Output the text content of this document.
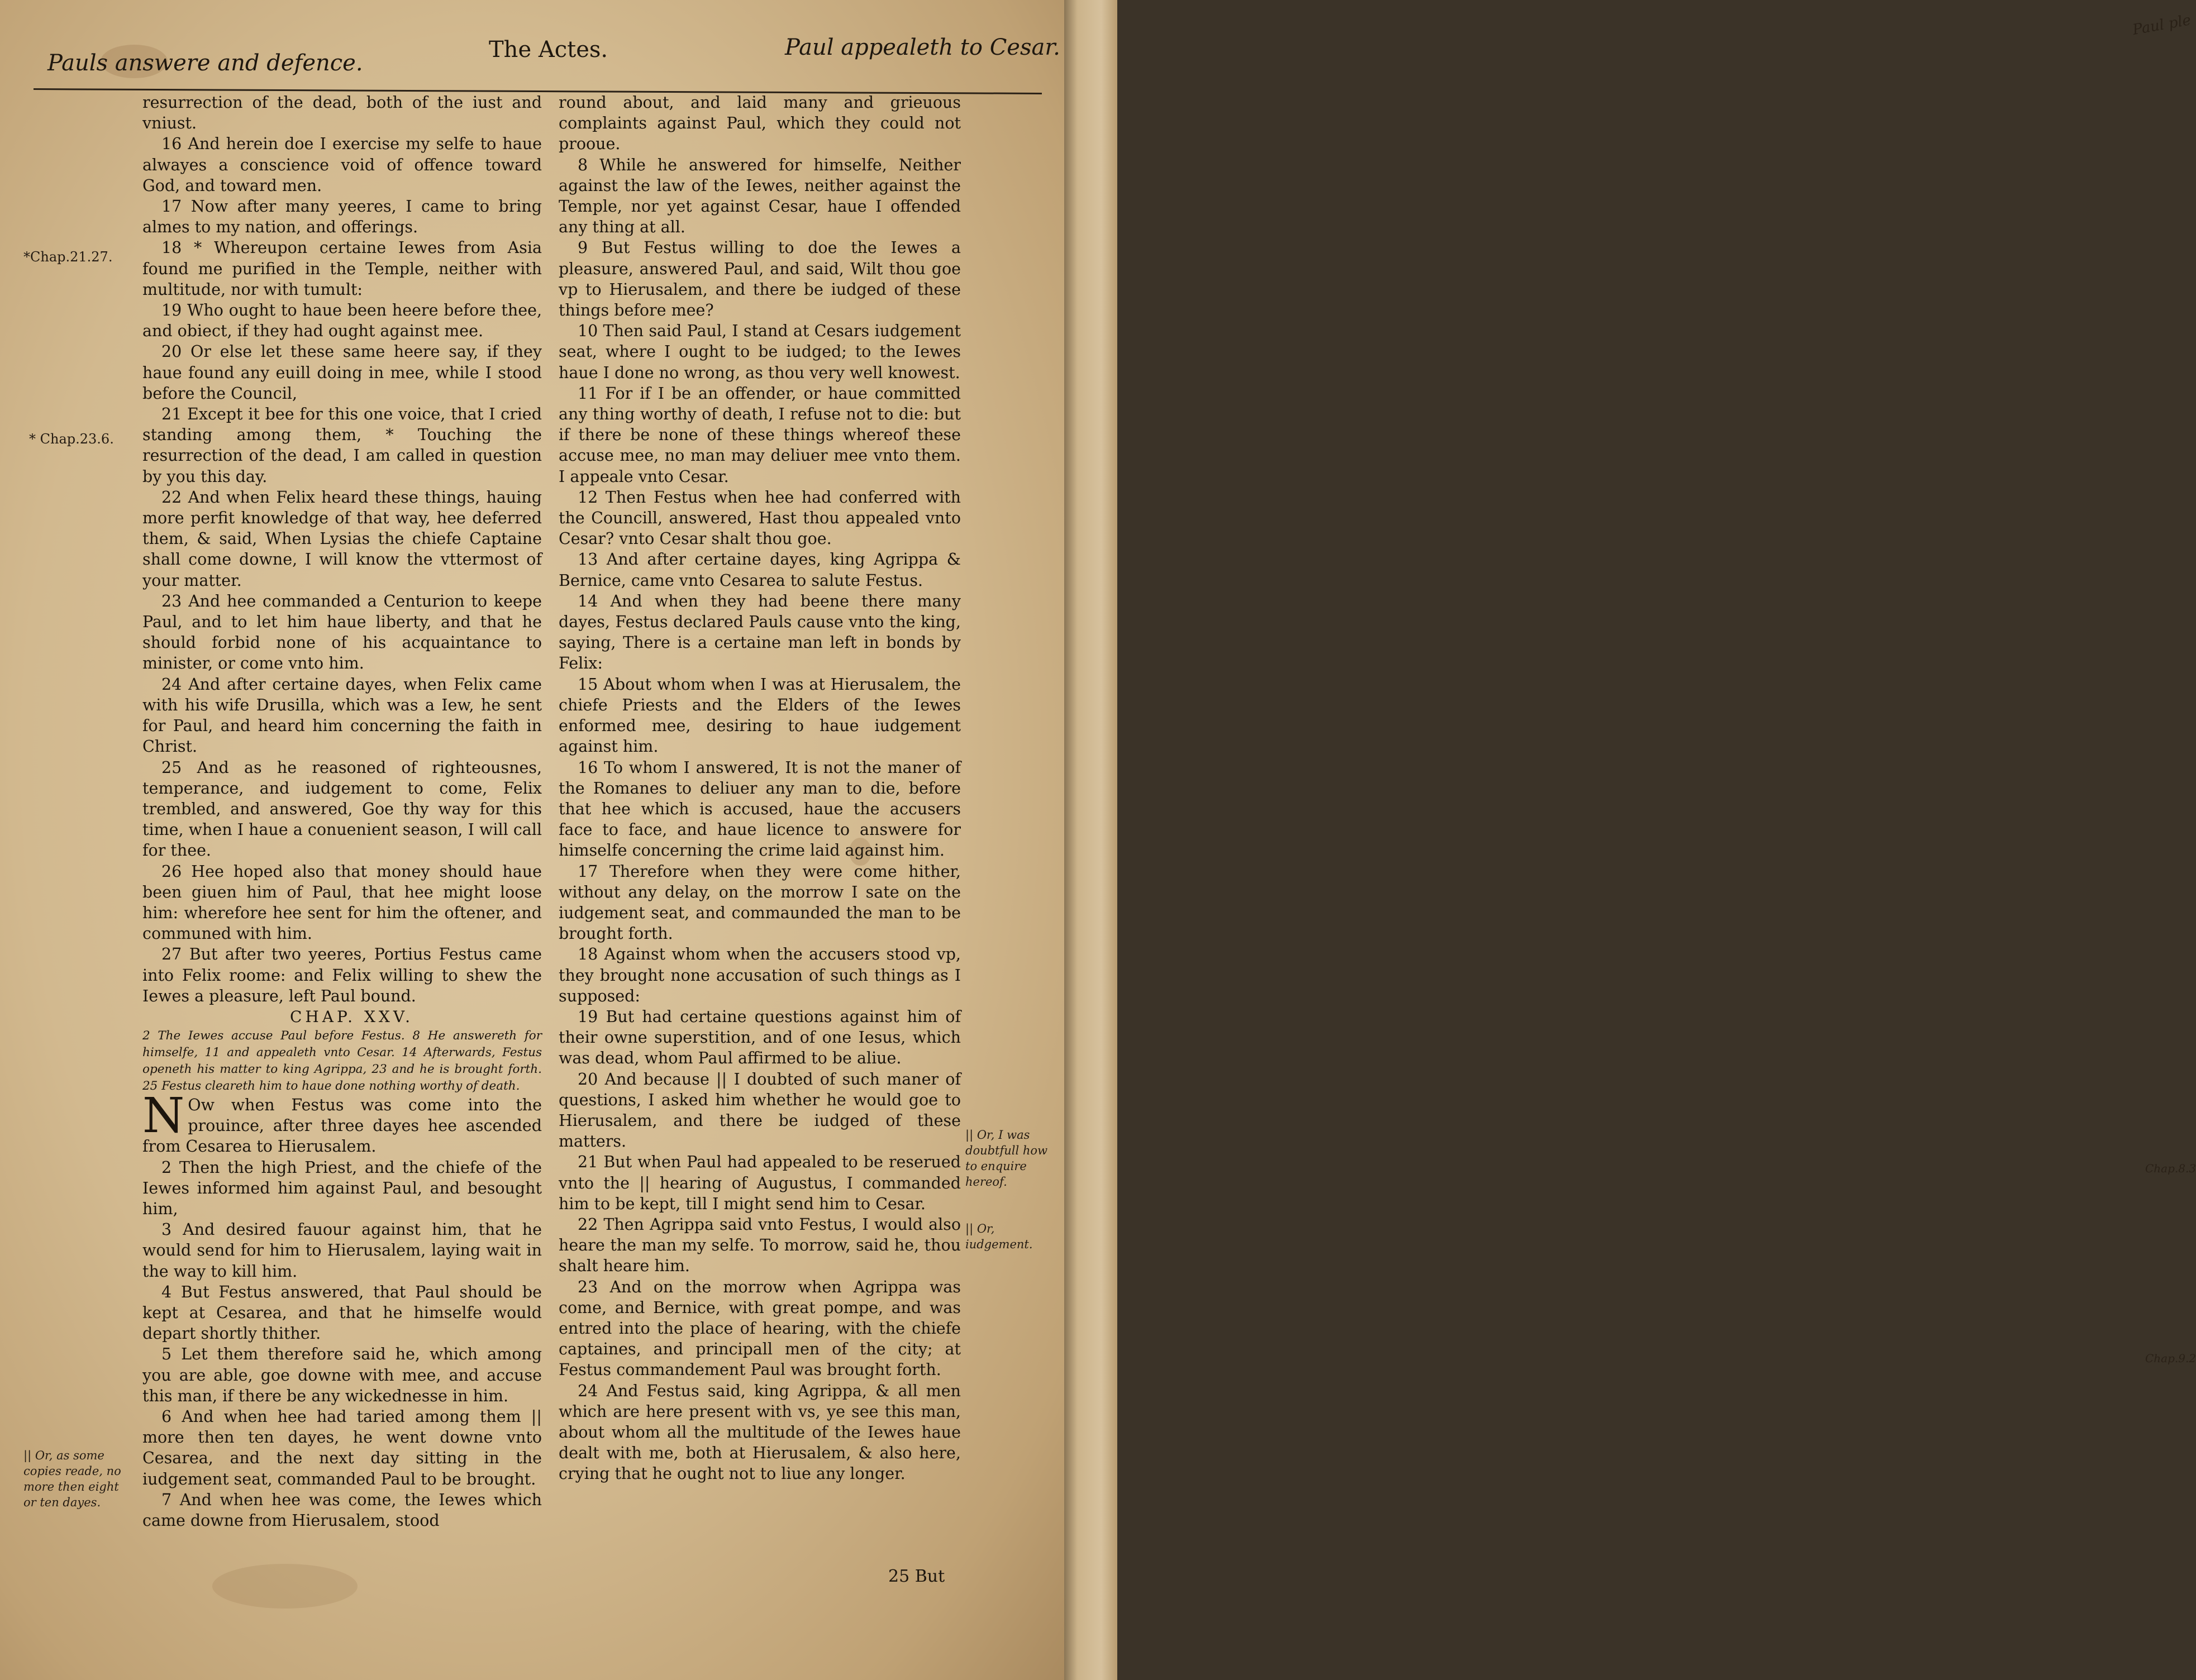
Pauls answere and defence.
The Actes.	Paul appealeth to Cesar.
*Chap.21.27.
* Chap.23.6.
|| Or, as some copies reade, no more then eight or ten dayes.
|| Or, I was doubtfull how to enquire hereof.
|| Or, iudgement.

resurrection of the dead, both of the iust and vniust.

16 And herein doe I exercise my selfe to haue alwayes a conscience void of offence toward God, and toward men.

17 Now after many yeeres, I came to bring almes to my nation, and offerings.

18 * Whereupon certaine Iewes from Asia found me purified in the Temple, neither with multitude, nor with tumult:

19 Who ought to haue been heere before thee, and obiect, if they had ought against mee.

20 Or else let these same heere say, if they haue found any euill doing in mee, while I stood before the Council,

21 Except it bee for this one voice, that I cried standing among them, * Touching the resurrection of the dead, I am called in question by you this day.

22 And when Felix heard these things, hauing more perfit knowledge of that way, hee deferred them, & said, When Lysias the chiefe Captaine shall come downe, I will know the vttermost of your matter.

23 And hee commanded a Centurion to keepe Paul, and to let him haue liberty, and that he should forbid none of his acquaintance to minister, or come vnto him.

24 And after certaine dayes, when Felix came with his wife Drusilla, which was a Iew, he sent for Paul, and heard him concerning the faith in Christ.

25 And as he reasoned of righteousnes, temperance, and iudgement to come, Felix trembled, and answered, Goe thy way for this time, when I haue a conuenient season, I will call for thee.

26 Hee hoped also that money should haue been giuen him of Paul, that hee might loose him: wherefore hee sent for him the oftener, and communed with him.

27 But after two yeeres, Portius Festus came into Felix roome: and Felix willing to shew the Iewes a pleasure, left Paul bound.

CHAP. XXV.

2 The Iewes accuse Paul before Festus. 8 He answereth for himselfe, 11 and appealeth vnto Cesar. 14 Afterwards, Festus openeth his matter to king Agrippa, 23 and he is brought forth. 25 Festus cleareth him to haue done nothing worthy of death.

N Ow when Festus was come into the prouince, after three dayes hee ascended from Cesarea to Hierusalem.

2 Then the high Priest, and the chiefe of the Iewes informed him against Paul, and besought him,

3 And desired fauour against him, that he would send for him to Hierusalem, laying wait in the way to kill him.

4 But Festus answered, that Paul should be kept at Cesarea, and that he himselfe would depart shortly thither.

5 Let them therefore said he, which among you are able, goe downe with mee, and accuse this man, if there be any wickednesse in him.

6 And when hee had taried among them || more then ten dayes, he went downe vnto Cesarea, and the next day sitting in the iudgement seat, commanded Paul to be brought.

7 And when hee was come, the Iewes which came downe from Hierusalem, stood

round about, and laid many and grieuous complaints against Paul, which they could not prooue.

8 While he answered for himselfe, Neither against the law of the Iewes, neither against the Temple, nor yet against Cesar, haue I offended any thing at all.

9 But Festus willing to doe the Iewes a pleasure, answered Paul, and said, Wilt thou goe vp to Hierusalem, and there be iudged of these things before mee?

10 Then said Paul, I stand at Cesars iudgement seat, where I ought to be iudged; to the Iewes haue I done no wrong, as thou very well knowest.

11 For if I be an offender, or haue committed any thing worthy of death, I refuse not to die: but if there be none of these things whereof these accuse mee, no man may deliuer mee vnto them. I appeale vnto Cesar.

12 Then Festus when hee had conferred with the Councill, answered, Hast thou appealed vnto Cesar? vnto Cesar shalt thou goe.

13 And after certaine dayes, king Agrippa & Bernice, came vnto Cesarea to salute Festus.

14 And when they had beene there many dayes, Festus declared Pauls cause vnto the king, saying, There is a certaine man left in bonds by Felix:

15 About whom when I was at Hierusalem, the chiefe Priests and the Elders of the Iewes enformed mee, desiring to haue iudgement against him.

16 To whom I answered, It is not the maner of the Romanes to deliuer any man to die, before that hee which is accused, haue the accusers face to face, and haue licence to answere for himselfe concerning the crime laid against him.

17 Therefore when they were come hither, without any delay, on the morrow I sate on the iudgement seat, and commaunded the man to be brought forth.

18 Against whom when the accusers stood vp, they brought none accusation of such things as I supposed:

19 But had certaine questions against him of their owne superstition, and of one Iesus, which was dead, whom Paul affirmed to be aliue.

20 And because || I doubted of such maner of questions, I asked him whether he would goe to Hierusalem, and there be iudged of these matters.

21 But when Paul had appealed to be reserued vnto the || hearing of Augustus, I commanded him to be kept, till I might send him to Cesar.

22 Then Agrippa said vnto Festus, I would also heare the man my selfe. To morrow, said he, thou shalt heare him.

23 And on the morrow when Agrippa was come, and Bernice, with great pompe, and was entred into the place of hearing, with the chiefe captaines, and principall men of the city; at Festus commandement Paul was brought forth.

24 And Festus said, king Agrippa, & all men which are here present with vs, ye see this man, about whom all the multitude of the Iewes haue dealt with me, both at Hierusalem, & also here, crying that he ought not to liue any longer.

25 But
Paul ple
Chap.8.3
Chap.9.2
